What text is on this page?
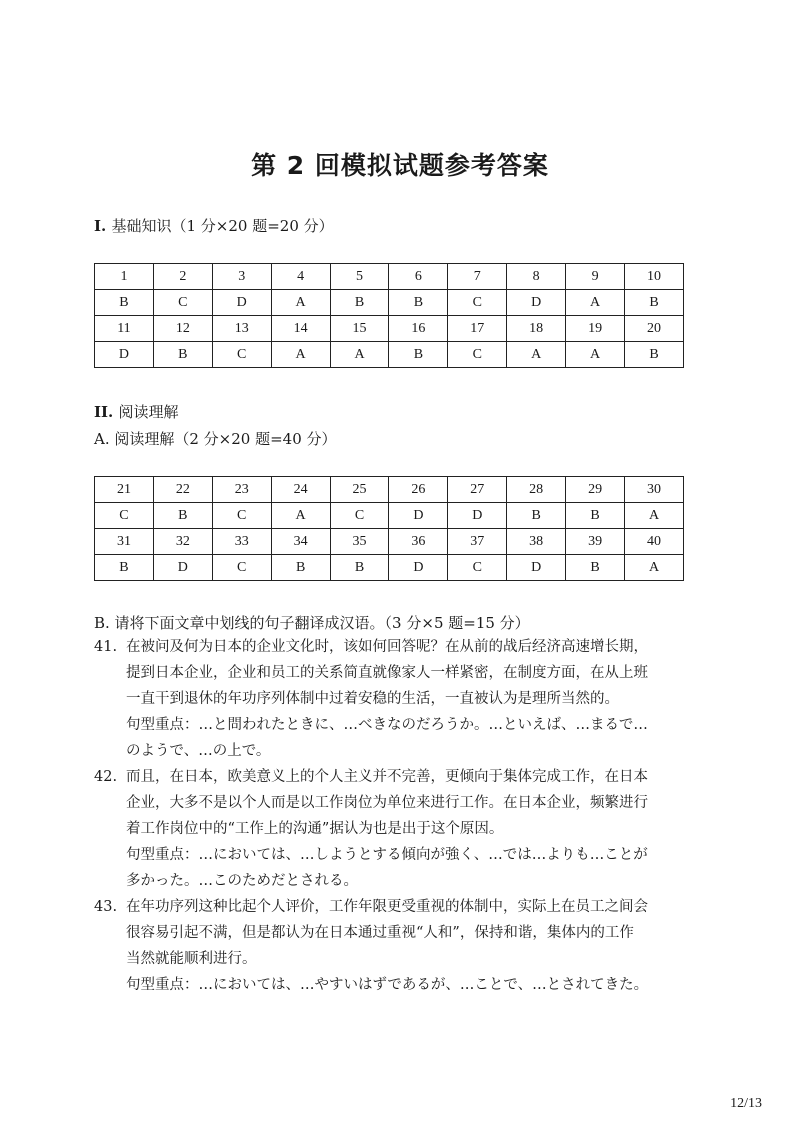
第 2 回模拟试题参考答案
I. 基础知识（1 分×20 题=20 分）
1	2	3	4	5	6	7	8	9	10
B	C	D	A	B	B	C	D	A	B
11	12	13	14	15	16	17	18	19	20
D	B	C	A	A	B	C	A	A	B
II. 阅读理解
A. 阅读理解（2 分×20 题=40 分）
21	22	23	24	25	26	27	28	29	30
C	B	C	A	C	D	D	B	B	A
31	32	33	34	35	36	37	38	39	40
B	D	C	B	B	D	C	D	B	A
B. 请将下面文章中划线的句子翻译成汉语。（3 分×5 题=15 分）
41. 在被问及何为日本的企业文化时，该如何回答呢？在从前的战后经济高速增长期，

提到日本企业，企业和员工的关系简直就像家人一样紧密，在制度方面，在从上班

一直干到退休的年功序列体制中过着安稳的生活，一直被认为是理所当然的。

句型重点：…と問われたときに、…べきなのだろうか。…といえば、…まるで…

のようで、…の上で。

42. 而且，在日本，欧美意义上的个人主义并不完善，更倾向于集体完成工作，在日本

企业，大多不是以个人而是以工作岗位为单位来进行工作。在日本企业，频繁进行

着工作岗位中的“工作上的沟通”据认为也是出于这个原因。

句型重点：…においては、…しようとする傾向が強く、…では…よりも…ことが

多かった。…このためだとされる。

43. 在年功序列这种比起个人评价，工作年限更受重视的体制中，实际上在员工之间会

很容易引起不满，但是都认为在日本通过重视“人和”，保持和谐，集体内的工作

当然就能顺利进行。

句型重点：…においては、…やすいはずであるが、…ことで、…とされてきた。

12/13
